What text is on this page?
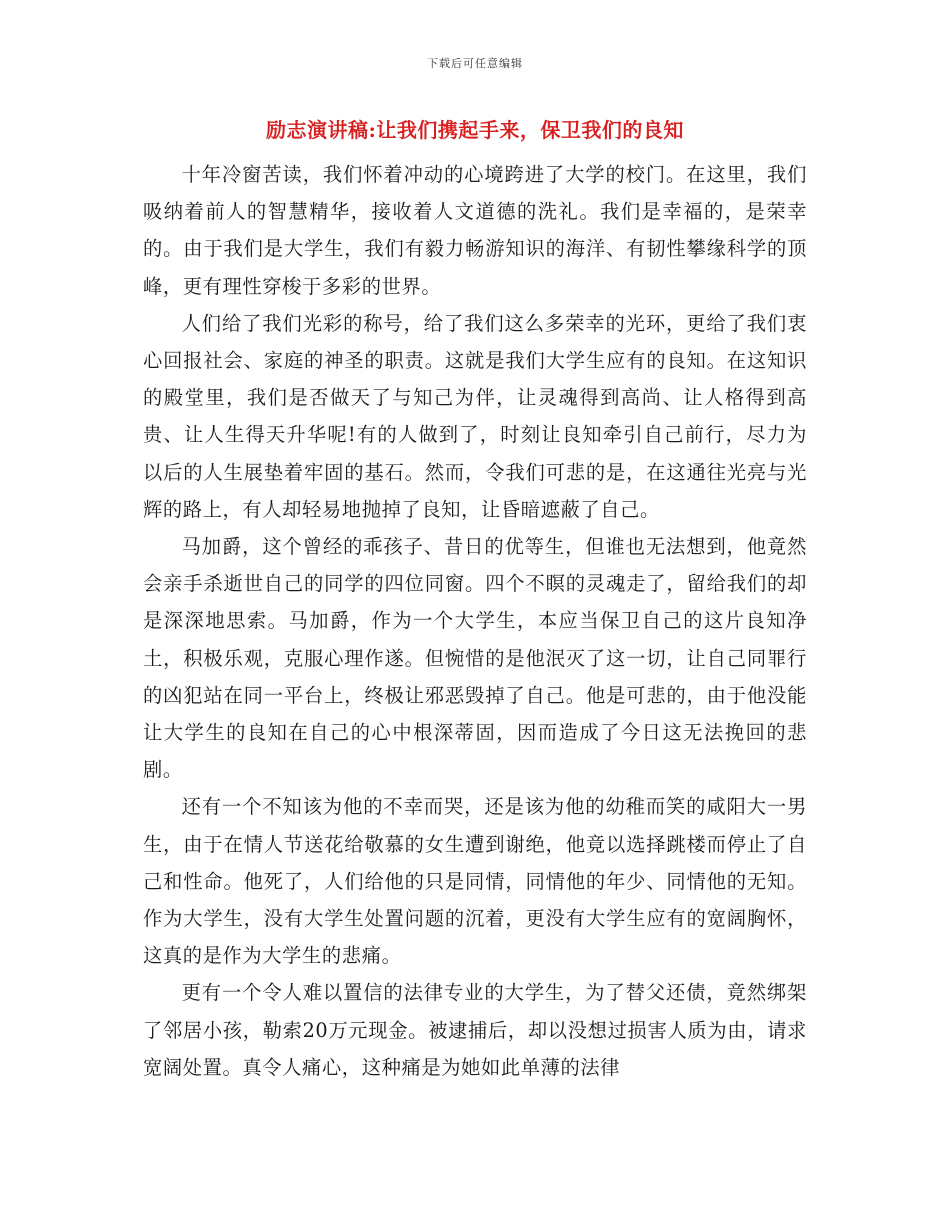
下载后可任意编辑
励志演讲稿:让我们携起手来，保卫我们的良知

十年冷窗苦读，我们怀着冲动的心境跨进了大学的校门。在这里，我们吸纳着前人的智慧精华，接收着人文道德的洗礼。我们是幸福的，是荣幸的。由于我们是大学生，我们有毅力畅游知识的海洋、有韧性攀缘科学的顶峰，更有理性穿梭于多彩的世界。

人们给了我们光彩的称号，给了我们这么多荣幸的光环，更给了我们衷心回报社会、家庭的神圣的职责。这就是我们大学生应有的良知。在这知识的殿堂里，我们是否做天了与知己为伴，让灵魂得到高尚、让人格得到高贵、让人生得天升华呢!有的人做到了，时刻让良知牵引自己前行，尽力为以后的人生展垫着牢固的基石。然而，令我们可悲的是，在这通往光亮与光辉的路上，有人却轻易地抛掉了良知，让昏暗遮蔽了自己。

马加爵，这个曾经的乖孩子、昔日的优等生，但谁也无法想到，他竟然会亲手杀逝世自己的同学的四位同窗。四个不瞑的灵魂走了，留给我们的却是深深地思索。马加爵，作为一个大学生，本应当保卫自己的这片良知净土，积极乐观，克服心理作遂。但惋惜的是他泯灭了这一切，让自己同罪行的凶犯站在同一平台上，终极让邪恶毁掉了自己。他是可悲的，由于他没能让大学生的良知在自己的心中根深蒂固，因而造成了今日这无法挽回的悲剧。

还有一个不知该为他的不幸而哭，还是该为他的幼稚而笑的咸阳大一男生，由于在情人节送花给敬慕的女生遭到谢绝，他竟以选择跳楼而停止了自己和性命。他死了，人们给他的只是同情，同情他的年少、同情他的无知。作为大学生，没有大学生处置问题的沉着，更没有大学生应有的宽阔胸怀，这真的是作为大学生的悲痛。

更有一个令人难以置信的法律专业的大学生，为了替父还债，竟然绑架了邻居小孩，勒索20万元现金。被逮捕后，却以没想过损害人质为由，请求宽阔处置。真令人痛心，这种痛是为她如此单薄的法律
